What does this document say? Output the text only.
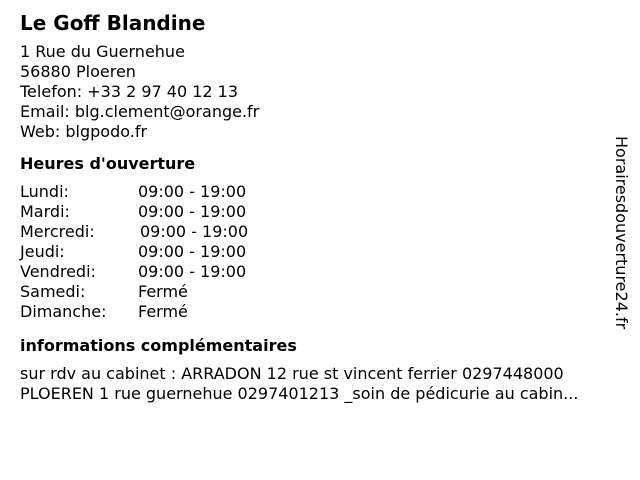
Le Goff Blandine
1 Rue du Guernehue
56880 Ploeren
Telefon: +33 2 97 40 12 13
Email: blg.clement@orange.fr
Web: blgpodo.fr
Heures d'ouverture
Lundi:	09:00 - 19:00
Mardi:	09:00 - 19:00
Mercredi:	09:00 - 19:00
Jeudi:	09:00 - 19:00
Vendredi:	09:00 - 19:00
Samedi:	Fermé
Dimanche:	Fermé
informations complémentaires
sur rdv au cabinet : ARRADON 12 rue st vincent ferrier 0297448000
PLOEREN 1 rue guernehue 0297401213 _soin de pédicurie au cabin...
Horairesdouverture24.fr
